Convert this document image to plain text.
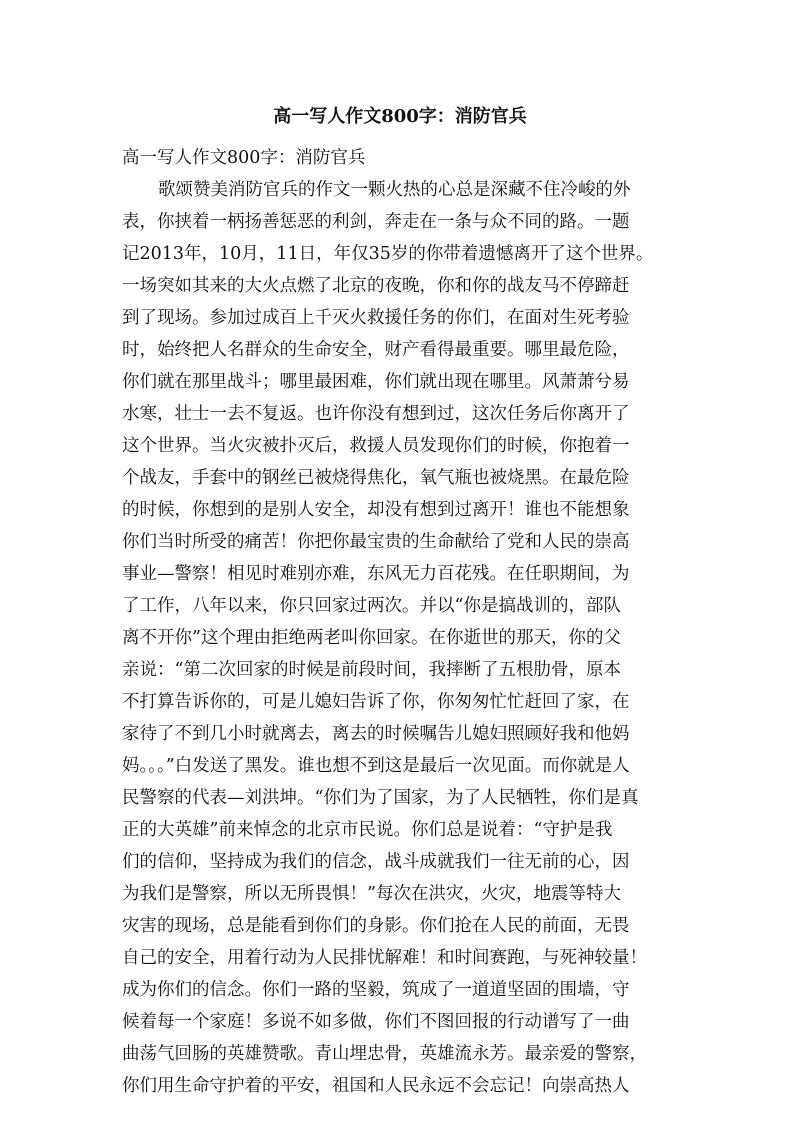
高一写人作文800字：消防官兵
高一写人作文800字：消防官兵
歌颂赞美消防官兵的作文一颗火热的心总是深藏不住冷峻的外
表，你挟着一柄扬善惩恶的利剑，奔走在一条与众不同的路。一题
记2013年，10月，11日，年仅35岁的你带着遗憾离开了这个世界。
一场突如其来的大火点燃了北京的夜晚，你和你的战友马不停蹄赶
到了现场。参加过成百上千灭火救援任务的你们，在面对生死考验
时，始终把人名群众的生命安全，财产看得最重要。哪里最危险，
你们就在那里战斗；哪里最困难，你们就出现在哪里。风萧萧兮易
水寒，壮士一去不复返。也许你没有想到过，这次任务后你离开了
这个世界。当火灾被扑灭后，救援人员发现你们的时候，你抱着一
个战友，手套中的钢丝已被烧得焦化，氧气瓶也被烧黑。在最危险
的时候，你想到的是别人安全，却没有想到过离开！谁也不能想象
你们当时所受的痛苦！你把你最宝贵的生命献给了党和人民的崇高
事业—警察！相见时难别亦难，东风无力百花残。在任职期间，为
了工作，八年以来，你只回家过两次。并以“你是搞战训的，部队
离不开你”这个理由拒绝两老叫你回家。在你逝世的那天，你的父
亲说：“第二次回家的时候是前段时间，我摔断了五根肋骨，原本
不打算告诉你的，可是儿媳妇告诉了你，你匆匆忙忙赶回了家，在
家待了不到几小时就离去，离去的时候嘱告儿媳妇照顾好我和他妈
妈。。。”白发送了黑发。谁也想不到这是最后一次见面。而你就是人
民警察的代表—刘洪坤。“你们为了国家，为了人民牺牲，你们是真
正的大英雄”前来悼念的北京市民说。你们总是说着：“守护是我
们的信仰，坚持成为我们的信念，战斗成就我们一往无前的心，因
为我们是警察，所以无所畏惧！”每次在洪灾，火灾，地震等特大
灾害的现场，总是能看到你们的身影。你们抢在人民的前面，无畏
自己的安全，用着行动为人民排忧解难！和时间赛跑，与死神较量！
成为你们的信念。你们一路的坚毅，筑成了一道道坚固的围墙，守
候着每一个家庭！多说不如多做，你们不图回报的行动谱写了一曲
曲荡气回肠的英雄赞歌。青山埋忠骨，英雄流永芳。最亲爱的警察，
你们用生命守护着的平安，祖国和人民永远不会忘记！向崇高热人
